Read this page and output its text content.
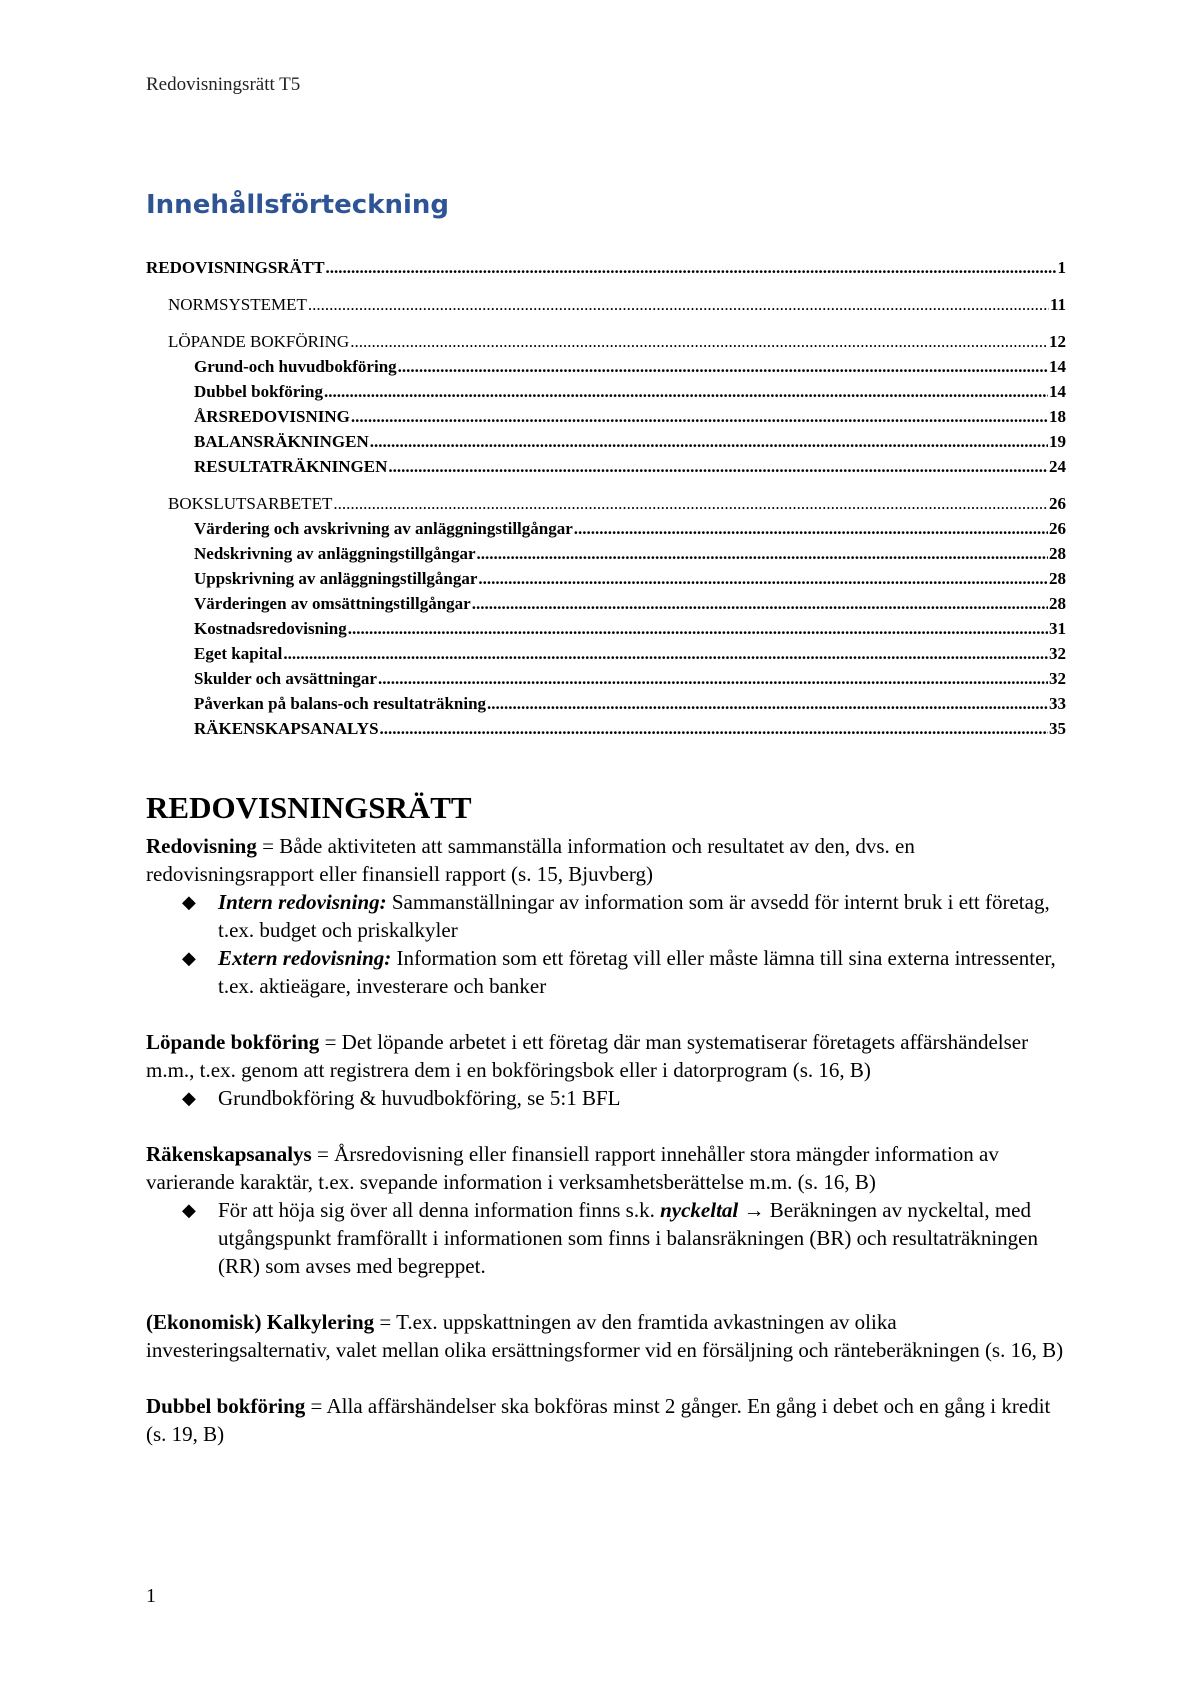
Redovisningsrätt T5
Innehållsförteckning
REDOVISNINGSRÄTT .....	1
NORMSYSTEMET .....	11
LÖPANDE BOKFÖRING .....	12
Grund-och huvudbokföring .....	14
Dubbel bokföring .....	14
ÅRSREDOVISNING .....	18
BALANSRÄKNINGEN .....	19
RESULTATRÄKNINGEN .....	24
BOKSLUTSARBETET .....	26
Värdering och avskrivning av anläggningstillgångar .....	26
Nedskrivning av anläggningstillgångar .....	28
Uppskrivning av anläggningstillgångar .....	28
Värderingen av omsättningstillgångar .....	28
Kostnadsredovisning .....	31
Eget kapital .....	32
Skulder och avsättningar .....	32
Påverkan på balans-och resultaträkning .....	33
RÄKENSKAPSANALYS .....	35
REDOVISNINGSRÄTT

Redovisning = Både aktiviteten att sammanställa information och resultatet av den, dvs. en redovisningsrapport eller finansiell rapport (s. 15, Bjuvberg)

◆ Intern redovisning: Sammanställningar av information som är avsedd för internt bruk i ett företag, t.ex. budget och priskalkyler
◆ Extern redovisning: Information som ett företag vill eller måste lämna till sina externa intressenter, t.ex. aktieägare, investerare och banker

Löpande bokföring = Det löpande arbetet i ett företag där man systematiserar företagets affärshändelser m.m., t.ex. genom att registrera dem i en bokföringsbok eller i datorprogram (s. 16, B)

◆ Grundbokföring & huvudbokföring, se 5:1 BFL

Räkenskapsanalys = Årsredovisning eller finansiell rapport innehåller stora mängder information av varierande karaktär, t.ex. svepande information i verksamhetsberättelse m.m. (s. 16, B)

◆ För att höja sig över all denna information finns s.k. nyckeltal → Beräkningen av nyckeltal, med utgångspunkt framförallt i informationen som finns i balansräkningen (BR) och resultaträkningen (RR) som avses med begreppet.

(Ekonomisk) Kalkylering = T.ex. uppskattningen av den framtida avkastningen av olika investeringsalternativ, valet mellan olika ersättningsformer vid en försäljning och ränteberäkningen (s. 16, B)

Dubbel bokföring = Alla affärshändelser ska bokföras minst 2 gånger. En gång i debet och en gång i kredit (s. 19, B)

1
